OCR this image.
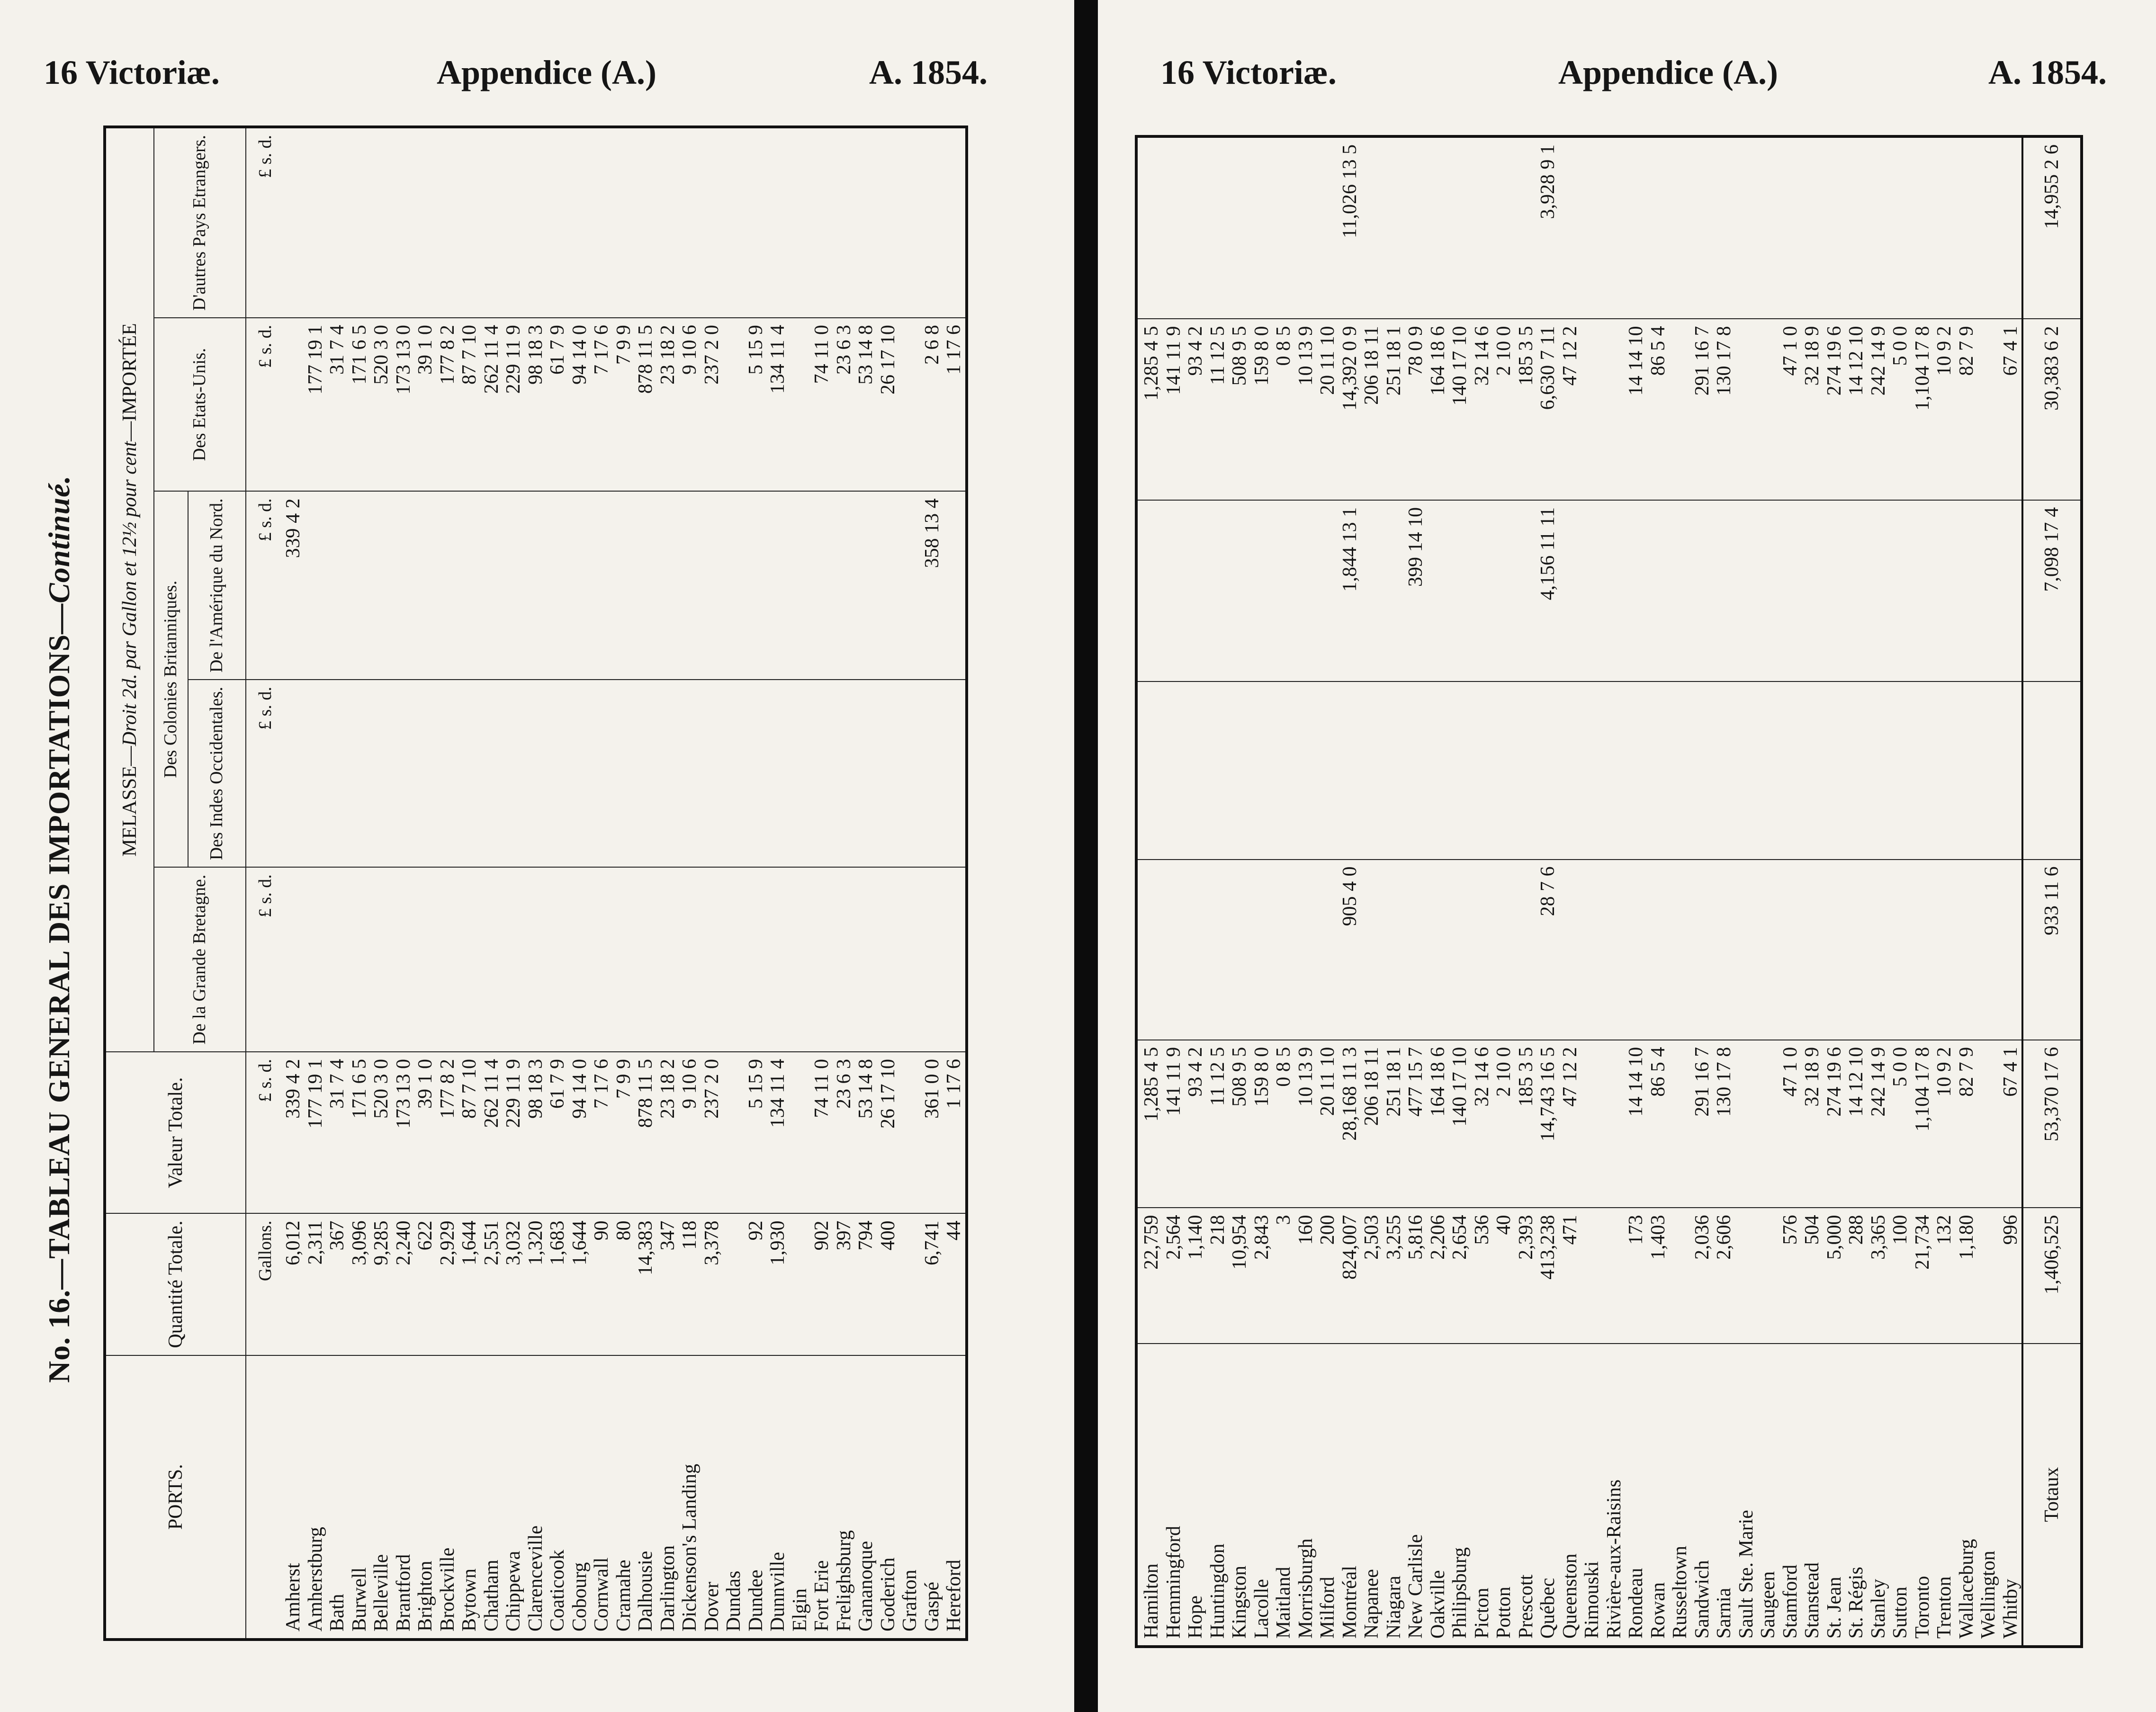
16 Victoriæ.	Appendice (A.)	A. 1854.
No. 16.—TABLEAU GENERAL DES IMPORTATIONS—Continué.
PORTS.	Quantité Totale.	Valeur Totale.	MELASSE—Droit 2d. par Gallon et 12½ pour cent—IMPORTÉE				
			De la Grande Bretagne.	Des Colonies Britanniques.		Des Etats-Unis.	D'autres Pays Etrangers.
				Des Indes Occidentales.	De l'Amérique du Nord.		
	Gallons.	£ s. d.	£ s. d.	£ s. d.	£ s. d.	£ s. d.	£ s. d.
Amherst	6,012	339 4 2			339 4 2		
Amherstburg	2,311	177 19 1				177 19 1	
Bath	367	31 7 4				31 7 4	
Burwell	3,096	171 6 5				171 6 5	
Belleville	9,285	520 3 0				520 3 0	
Brantford	2,240	173 13 0				173 13 0	
Brighton	622	39 1 0				39 1 0	
Brockville	2,929	177 8 2				177 8 2	
Bytown	1,644	87 7 10				87 7 10	
Chatham	2,551	262 11 4				262 11 4	
Chippewa	3,032	229 11 9				229 11 9	
Clarenceville	1,320	98 18 3				98 18 3	
Coaticook	1,683	61 7 9				61 7 9	
Cobourg	1,644	94 14 0				94 14 0	
Cornwall	90	7 17 6				7 17 6	
Cramahe	80	7 9 9				7 9 9	
Dalhousie	14,383	878 11 5				878 11 5	
Darlington	347	23 18 2				23 18 2	
Dickenson's Landing	118	9 10 6				9 10 6	
Dover	3,378	237 2 0				237 2 0	
Dundas							
Dundee	92	5 15 9				5 15 9	
Dunnville	1,930	134 11 4				134 11 4	
Elgin							
Fort Erie	902	74 11 0				74 11 0	
Frelighsburg	397	23 6 3				23 6 3	
Gananoque	794	53 14 8				53 14 8	
Goderich	400	26 17 10				26 17 10	
Grafton							
Gaspé	6,741	361 0 0			358 13 4	2 6 8	
Hereford	44	1 17 6				1 17 6	
16 Victoriæ.	Appendice (A.)	A. 1854.
Hamilton	22,759	1,285 4 5				1,285 4 5	
Hemmingford	2,564	141 11 9				141 11 9	
Hope	1,140	93 4 2				93 4 2	
Huntingdon	218	11 12 5				11 12 5	
Kingston	10,954	508 9 5				508 9 5	
Lacolle	2,843	159 8 0				159 8 0	
Maitland	3	0 8 5				0 8 5	
Morrisburgh	160	10 13 9				10 13 9	
Milford	200	20 11 10				20 11 10	
Montréal	824,007	28,168 11 3	905 4 0		1,844 13 1	14,392 0 9	11,026 13 5
Napanee	2,503	206 18 11				206 18 11	
Niagara	3,255	251 18 1				251 18 1	
New Carlisle	5,816	477 15 7			399 14 10	78 0 9	
Oakville	2,206	164 18 6				164 18 6	
Philipsburg	2,654	140 17 10				140 17 10	
Picton	536	32 14 6				32 14 6	
Potton	40	2 10 0				2 10 0	
Prescott	2,393	185 3 5				185 3 5	
Québec	413,238	14,743 16 5	28 7 6		4,156 11 11	6,630 7 11	3,928 9 1
Queenston	471	47 12 2				47 12 2	
Rimouski							
Rivière-aux-Raisins							
Rondeau	173	14 14 10				14 14 10	
Rowan	1,403	86 5 4				86 5 4	
Russeltown							
Sandwich	2,036	291 16 7				291 16 7	
Sarnia	2,606	130 17 8				130 17 8	
Sault Ste. Marie							
Saugeen							
Stamford	576	47 1 0				47 1 0	
Stanstead	504	32 18 9				32 18 9	
St. Jean	5,000	274 19 6				274 19 6	
St. Régis	288	14 12 10				14 12 10	
Stanley	3,365	242 14 9				242 14 9	
Sutton	100	5 0 0				5 0 0	
Toronto	21,734	1,104 17 8				1,104 17 8	
Trenton	132	10 9 2				10 9 2	
Wallaceburg	1,180	82 7 9				82 7 9	
Wellington							
Whitby	996	67 4 1				67 4 1	
Totaux	1,406,525	53,370 17 6	933 11 6		7,098 17 4	30,383 6 2	14,955 2 6
